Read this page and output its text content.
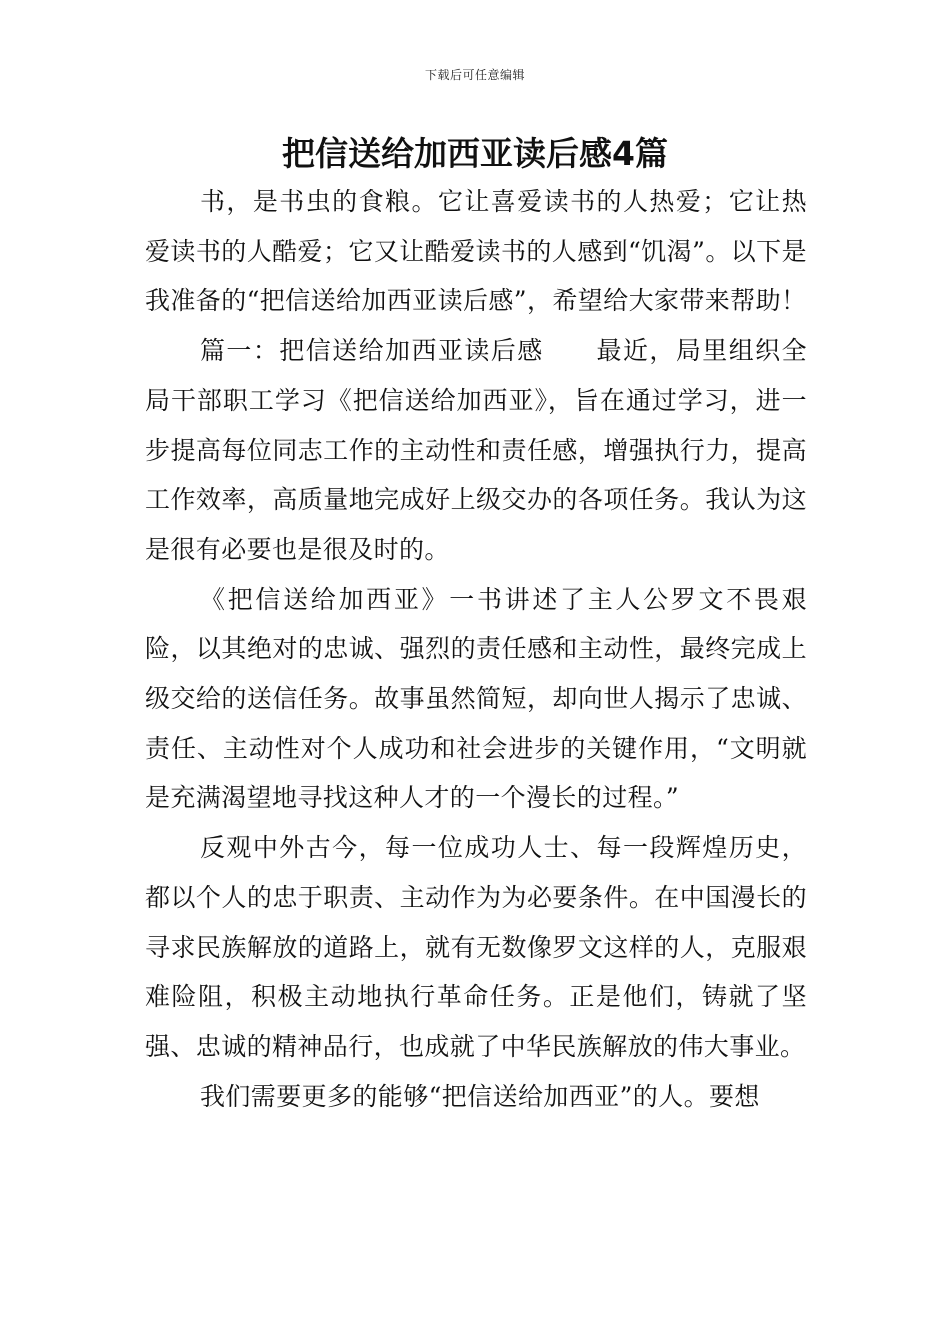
下载后可任意编辑
把信送给加西亚读后感4篇

书，是书虫的食粮。它让喜爱读书的人热爱；它让热爱读书的人酷爱；它又让酷爱读书的人感到“饥渴”。以下是我准备的“把信送给加西亚读后感”，希望给大家带来帮助！

篇一：把信送给加西亚读后感　　最近，局里组织全局干部职工学习《把信送给加西亚》，旨在通过学习，进一步提高每位同志工作的主动性和责任感，增强执行力，提高工作效率，高质量地完成好上级交办的各项任务。我认为这是很有必要也是很及时的。

《把信送给加西亚》一书讲述了主人公罗文不畏艰险，以其绝对的忠诚、强烈的责任感和主动性，最终完成上级交给的送信任务。故事虽然简短，却向世人揭示了忠诚、责任、主动性对个人成功和社会进步的关键作用，“文明就是充满渴望地寻找这种人才的一个漫长的过程。”

反观中外古今，每一位成功人士、每一段辉煌历史，都以个人的忠于职责、主动作为为必要条件。在中国漫长的寻求民族解放的道路上，就有无数像罗文这样的人，克服艰难险阻，积极主动地执行革命任务。正是他们，铸就了坚强、忠诚的精神品行，也成就了中华民族解放的伟大事业。

我们需要更多的能够“把信送给加西亚”的人。要想
